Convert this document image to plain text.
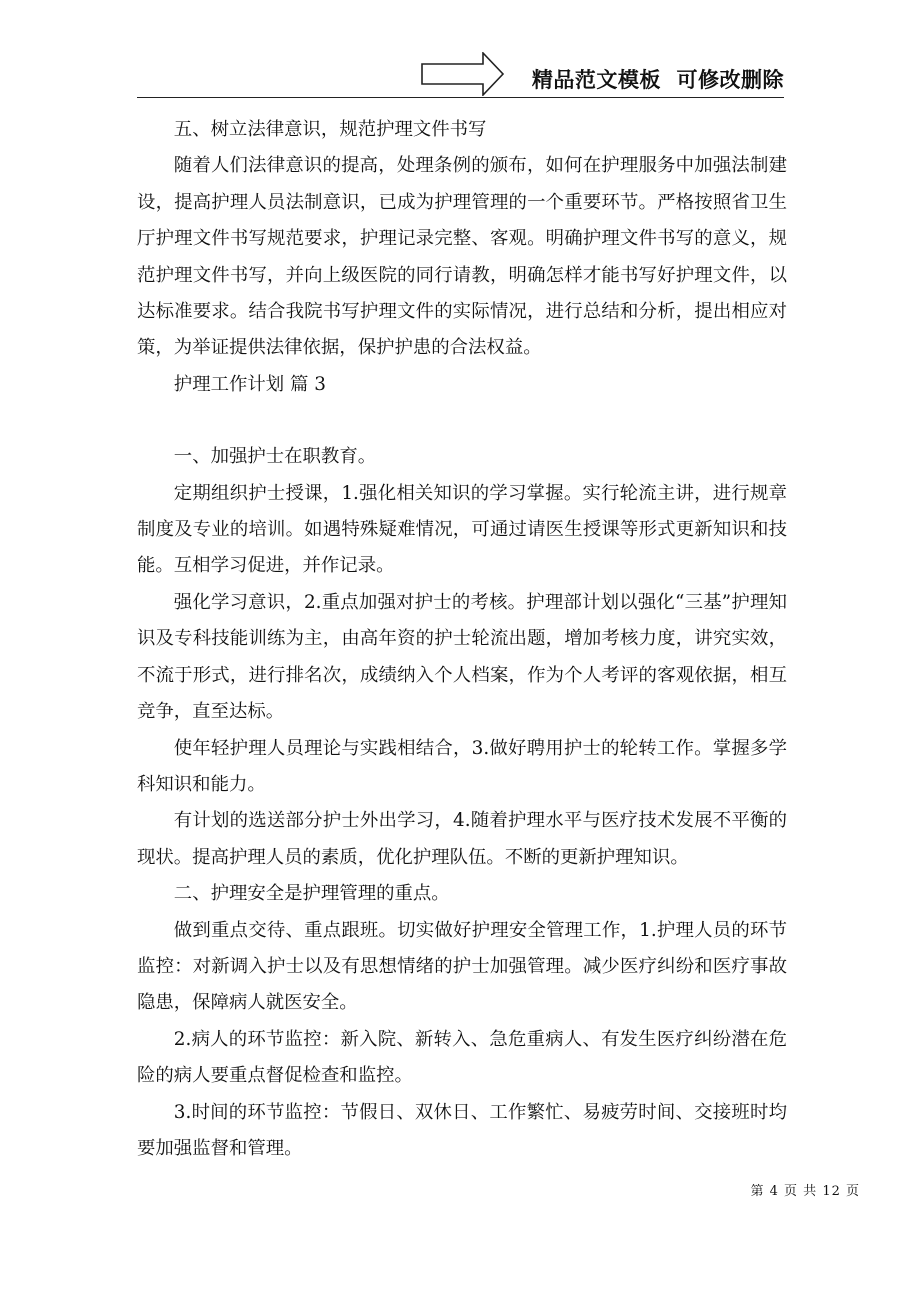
精品范文模板  可修改删除

五、树立法律意识，规范护理文件书写

随着人们法律意识的提高，处理条例的颁布，如何在护理服务中加强法制建设，提高护理人员法制意识，已成为护理管理的一个重要环节。严格按照省卫生厅护理文件书写规范要求，护理记录完整、客观。明确护理文件书写的意义，规范护理文件书写，并向上级医院的同行请教，明确怎样才能书写好护理文件，以达标准要求。结合我院书写护理文件的实际情况，进行总结和分析，提出相应对策，为举证提供法律依据，保护护患的合法权益。

护理工作计划 篇 3

一、加强护士在职教育。

定期组织护士授课，1.强化相关知识的学习掌握。实行轮流主讲，进行规章制度及专业的培训。如遇特殊疑难情况，可通过请医生授课等形式更新知识和技能。互相学习促进，并作记录。

强化学习意识，2.重点加强对护士的考核。护理部计划以强化“三基”护理知识及专科技能训练为主，由高年资的护士轮流出题，增加考核力度，讲究实效，不流于形式，进行排名次，成绩纳入个人档案，作为个人考评的客观依据，相互竞争，直至达标。

使年轻护理人员理论与实践相结合，3.做好聘用护士的轮转工作。掌握多学科知识和能力。

有计划的选送部分护士外出学习，4.随着护理水平与医疗技术发展不平衡的现状。提高护理人员的素质，优化护理队伍。不断的更新护理知识。

二、护理安全是护理管理的重点。

做到重点交待、重点跟班。切实做好护理安全管理工作，1.护理人员的环节监控：对新调入护士以及有思想情绪的护士加强管理。减少医疗纠纷和医疗事故隐患，保障病人就医安全。

2.病人的环节监控：新入院、新转入、急危重病人、有发生医疗纠纷潜在危险的病人要重点督促检查和监控。

3.时间的环节监控：节假日、双休日、工作繁忙、易疲劳时间、交接班时均要加强监督和管理。

第 4 页 共 12 页
